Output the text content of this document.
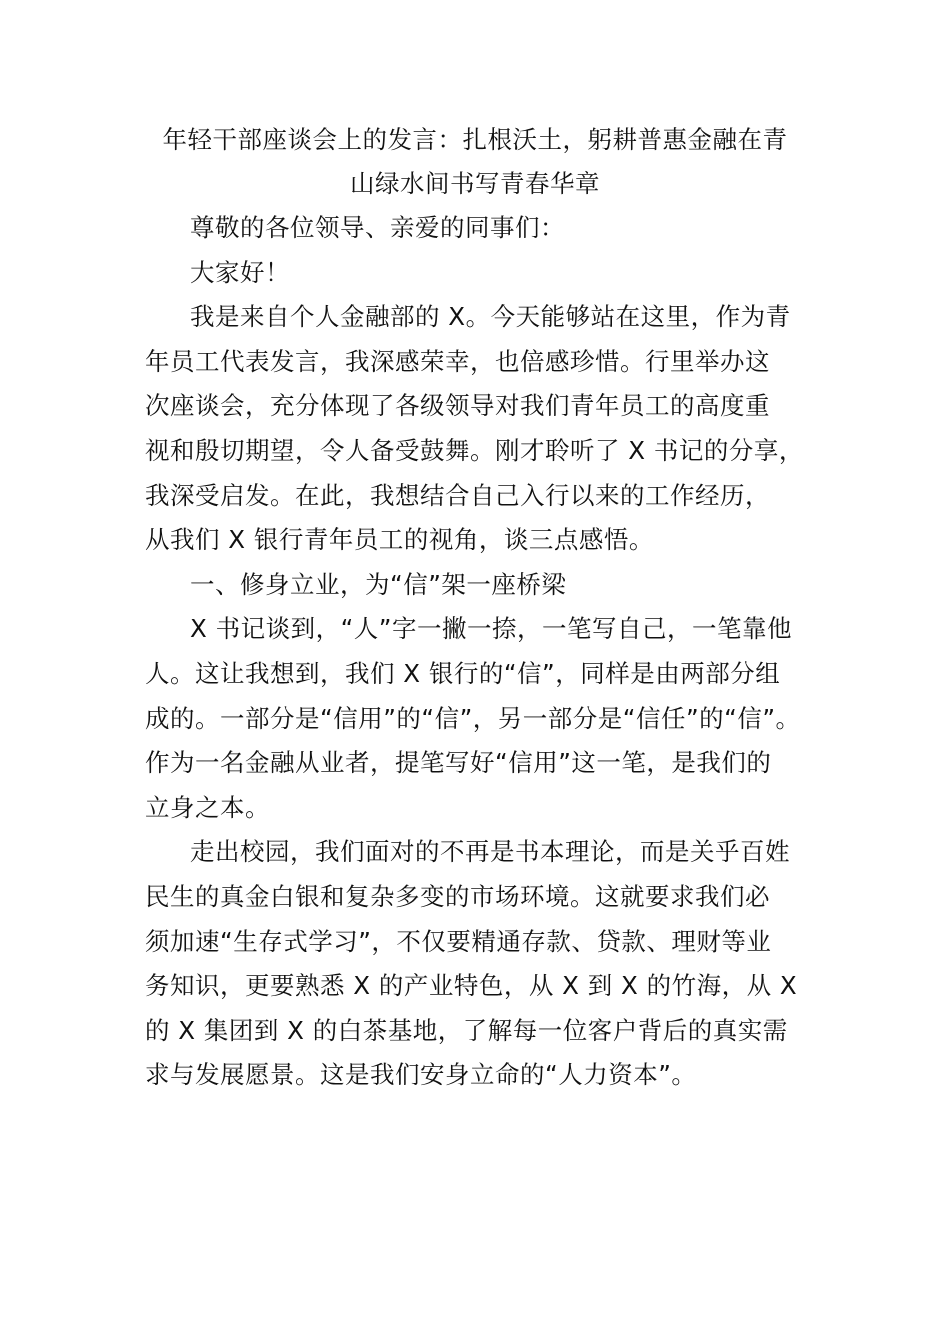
年轻干部座谈会上的发言：扎根沃土，躬耕普惠金融在青
山绿水间书写青春华章

尊敬的各位领导、亲爱的同事们：

大家好！

我是来自个人金融部的 X。今天能够站在这里，作为青
年员工代表发言，我深感荣幸，也倍感珍惜。行里举办这
次座谈会，充分体现了各级领导对我们青年员工的高度重
视和殷切期望，令人备受鼓舞。刚才聆听了 X 书记的分享，
我深受启发。在此，我想结合自己入行以来的工作经历，
从我们 X 银行青年员工的视角，谈三点感悟。

一、修身立业，为“信”架一座桥梁

X 书记谈到，“人”字一撇一捺，一笔写自己，一笔靠他
人。这让我想到，我们 X 银行的“信”，同样是由两部分组
成的。一部分是“信用”的“信”，另一部分是“信任”的“信”。
作为一名金融从业者，提笔写好“信用”这一笔，是我们的
立身之本。
走出校园，我们面对的不再是书本理论，而是关乎百姓
民生的真金白银和复杂多变的市场环境。这就要求我们必
须加速“生存式学习”，不仅要精通存款、贷款、理财等业
务知识，更要熟悉 X 的产业特色，从 X 到 X 的竹海，从 X
的 X 集团到 X 的白茶基地，了解每一位客户背后的真实需
求与发展愿景。这是我们安身立命的“人力资本”。
